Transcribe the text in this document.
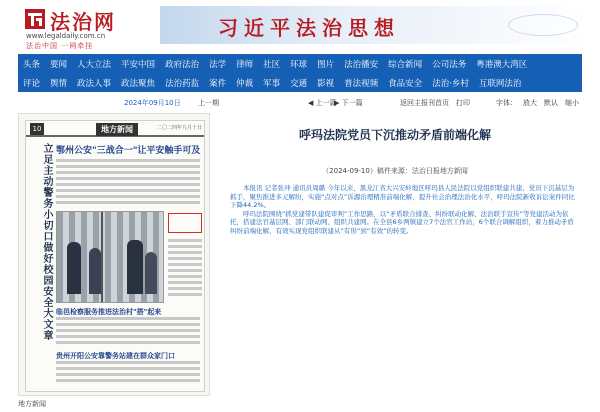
法治网
www.legaldaily.com.cn
法治中国 一网牵挂
习近平法治思想
头条	要闻	人大立法	平安中国	政府法治	法学	律师	社区	环球	图片	法治播安	综合新闻	公司法务	粤港澳大湾区
评论	舆情	政法人事	政法聚焦	法治药监	案件	仲裁	军事	交通	影视	普法视频	食品安全	法治·乡村	互联网法治
2024年09月10日 上一期	◀ 上一篇
▶ 下一篇	返回主报刊首页 打印	字体： 放大 默认 缩小
10	地方新闻	二〇二四年九月十日
立足主动警务小切口做好校园安全大文章 鄂州公安"三战合一"让平安触手可及
临邑检察服务推进法治村"搭"起来
贵州开阳公安靠警务站建在群众家门口
地方新闻
呼玛法院党员下沉推动矛盾前端化解
（2024-09-10）稿件来源：法治日报地方新闻

本报讯 记者张冲 通讯员周璐 今年以来，黑龙江省大兴安岭地区呼玛县人民法院以党组织联建共建、党员下沉基层为抓手，聚焦推进多元解纷，实施“点对点”诉源治理精准前端化解，提升社会治理法治化水平，呼玛法院新收诉讼案件同比下降44.2%。

呼玛法院围绕“抓党建带队建促审判”工作思路，以“矛盾联合排查、纠纷联动化解、法治联手宣传”等党建活动为依托，搭建法官基层网、部门联动网、组织共建网。在全县6乡两镇建立7个法官工作站，6个联合调解组织，着力推动矛盾纠纷前端化解、有效实现党组织联建从“有形”到“有效”的转变。
